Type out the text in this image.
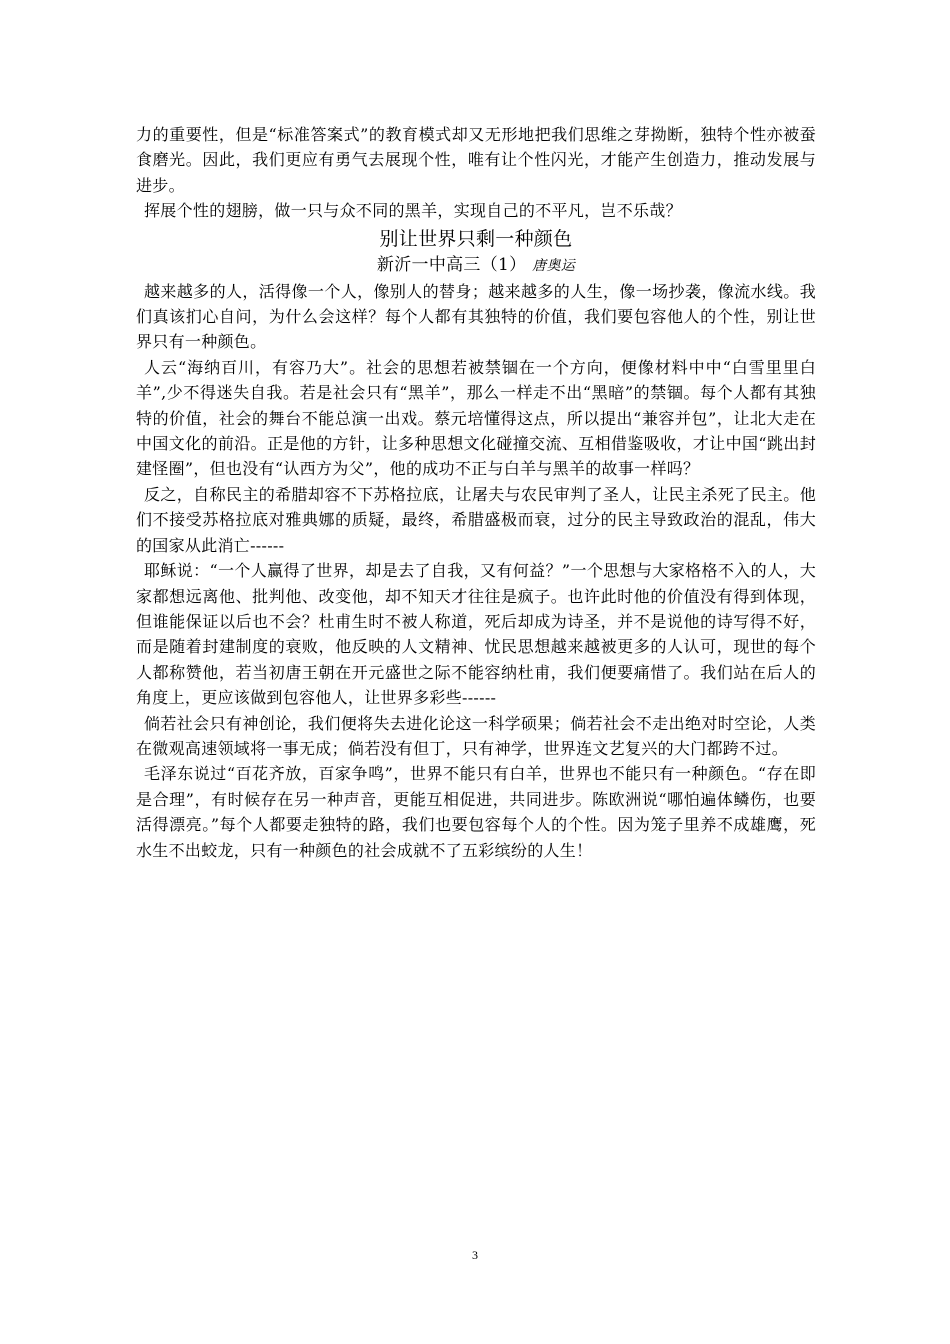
力的重要性，但是“标准答案式”的教育模式却又无形地把我们思维之芽拗断，独特个性亦被蚕食磨光。因此，我们更应有勇气去展现个性，唯有让个性闪光，才能产生创造力，推动发展与进步。

挥展个性的翅膀，做一只与众不同的黑羊，实现自己的不平凡，岂不乐哉？

别让世界只剩一种颜色
新沂一中高三（1） 唐奥运

越来越多的人，活得像一个人，像别人的替身；越来越多的人生，像一场抄袭，像流水线。我们真该扪心自问，为什么会这样？每个人都有其独特的价值，我们要包容他人的个性，别让世界只有一种颜色。

人云“海纳百川，有容乃大”。社会的思想若被禁锢在一个方向，便像材料中中“白雪里里白羊”,少不得迷失自我。若是社会只有“黑羊”，那么一样走不出“黑暗”的禁锢。每个人都有其独特的价值，社会的舞台不能总演一出戏。蔡元培懂得这点，所以提出“兼容并包”，让北大走在中国文化的前沿。正是他的方针，让多种思想文化碰撞交流、互相借鉴吸收，才让中国“跳出封建怪圈”，但也没有“认西方为父”，他的成功不正与白羊与黑羊的故事一样吗？

反之，自称民主的希腊却容不下苏格拉底，让屠夫与农民审判了圣人，让民主杀死了民主。他们不接受苏格拉底对雅典娜的质疑，最终，希腊盛极而衰，过分的民主导致政治的混乱，伟大的国家从此消亡------

耶稣说：“一个人赢得了世界，却是去了自我，又有何益？”一个思想与大家格格不入的人，大家都想远离他、批判他、改变他，却不知天才往往是疯子。也许此时他的价值没有得到体现，但谁能保证以后也不会？杜甫生时不被人称道，死后却成为诗圣，并不是说他的诗写得不好，而是随着封建制度的衰败，他反映的人文精神、忧民思想越来越被更多的人认可，现世的每个人都称赞他，若当初唐王朝在开元盛世之际不能容纳杜甫，我们便要痛惜了。我们站在后人的角度上，更应该做到包容他人，让世界多彩些------

倘若社会只有神创论，我们便将失去进化论这一科学硕果；倘若社会不走出绝对时空论，人类在微观高速领域将一事无成；倘若没有但丁，只有神学，世界连文艺复兴的大门都跨不过。

毛泽东说过“百花齐放，百家争鸣”，世界不能只有白羊，世界也不能只有一种颜色。“存在即是合理”，有时候存在另一种声音，更能互相促进，共同进步。陈欧洲说“哪怕遍体鳞伤，也要活得漂亮。”每个人都要走独特的路，我们也要包容每个人的个性。因为笼子里养不成雄鹰，死水生不出蛟龙，只有一种颜色的社会成就不了五彩缤纷的人生！

3
